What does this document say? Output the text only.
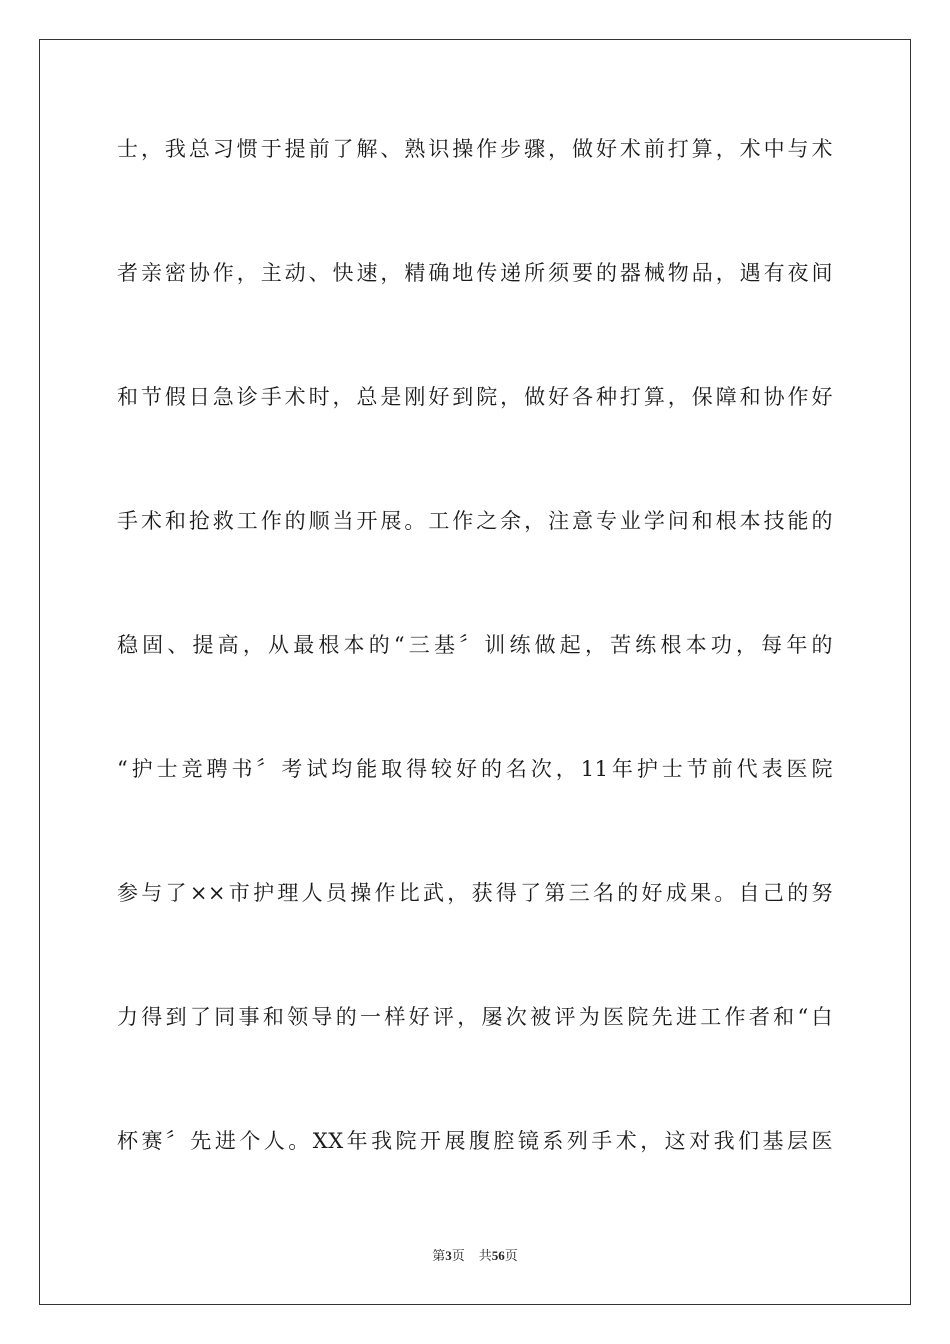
士，我总习惯于提前了解、熟识操作步骤，做好术前打算，术中与术
者亲密协作，主动、快速，精确地传递所须要的器械物品，遇有夜间
和节假日急诊手术时，总是刚好到院，做好各种打算，保障和协作好
手术和抢救工作的顺当开展。工作之余，注意专业学问和根本技能的
稳固、提高，从最根本的“三基〞训练做起，苦练根本功，每年的
“护士竞聘书〞考试均能取得较好的名次，11年护士节前代表医院
参与了××市护理人员操作比武，获得了第三名的好成果。自己的努
力得到了同事和领导的一样好评，屡次被评为医院先进工作者和“白
杯赛〞先进个人。XX年我院开展腹腔镜系列手术，这对我们基层医
第3页 共56页
